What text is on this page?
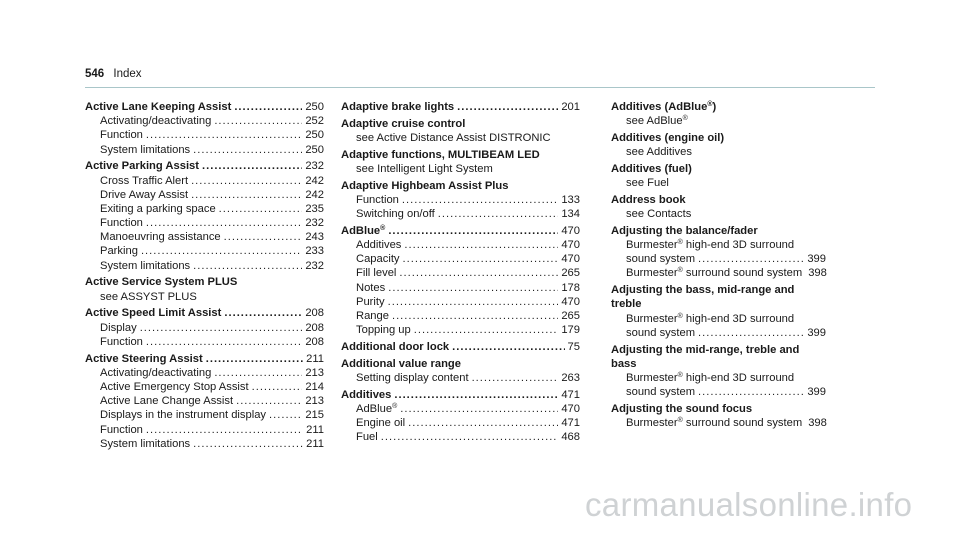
546 Index
Active Lane Keeping Assist .....	250
Activating/deactivating .....	252
Function .....	250
System limitations .....	250
Active Parking Assist .....	232
Cross Traffic Alert .....	242
Drive Away Assist .....	242
Exiting a parking space .....	235
Function .....	232
Manoeuvring assistance .....	243
Parking .....	233
System limitations .....	232
Active Service System PLUS
see ASSYST PLUS
Active Speed Limit Assist .....	208
Display .....	208
Function .....	208
Active Steering Assist .....	211
Activating/deactivating .....	213
Active Emergency Stop Assist .....	214
Active Lane Change Assist .....	213
Displays in the instrument display .....	215
Function .....	211
System limitations .....	211
Adaptive brake lights .....	201
Adaptive cruise control
see Active Distance Assist DISTRONIC
Adaptive functions, MULTIBEAM LED
see Intelligent Light System
Adaptive Highbeam Assist Plus
Function .....	133
Switching on/off .....	134
AdBlue® .....	470
Additives .....	470
Capacity .....	470
Fill level .....	265
Notes .....	178
Purity .....	470
Range .....	265
Topping up .....	179
Additional door lock .....	75
Additional value range
Setting display content .....	263
Additives .....	471
AdBlue® .....	470
Engine oil .....	471
Fuel .....	468
Additives (AdBlue®)
see AdBlue®
Additives (engine oil)
see Additives
Additives (fuel)
see Fuel
Address book
see Contacts
Adjusting the balance/fader
Burmester® high-end 3D surround
sound system .....	399
Burmester® surround sound system 398
Adjusting the bass, mid-range and
treble
Burmester® high-end 3D surround
sound system .....	399
Adjusting the mid-range, treble and
bass
Burmester® high-end 3D surround
sound system .....	399
Adjusting the sound focus
Burmester® surround sound system 398
carmanualsonline.info
